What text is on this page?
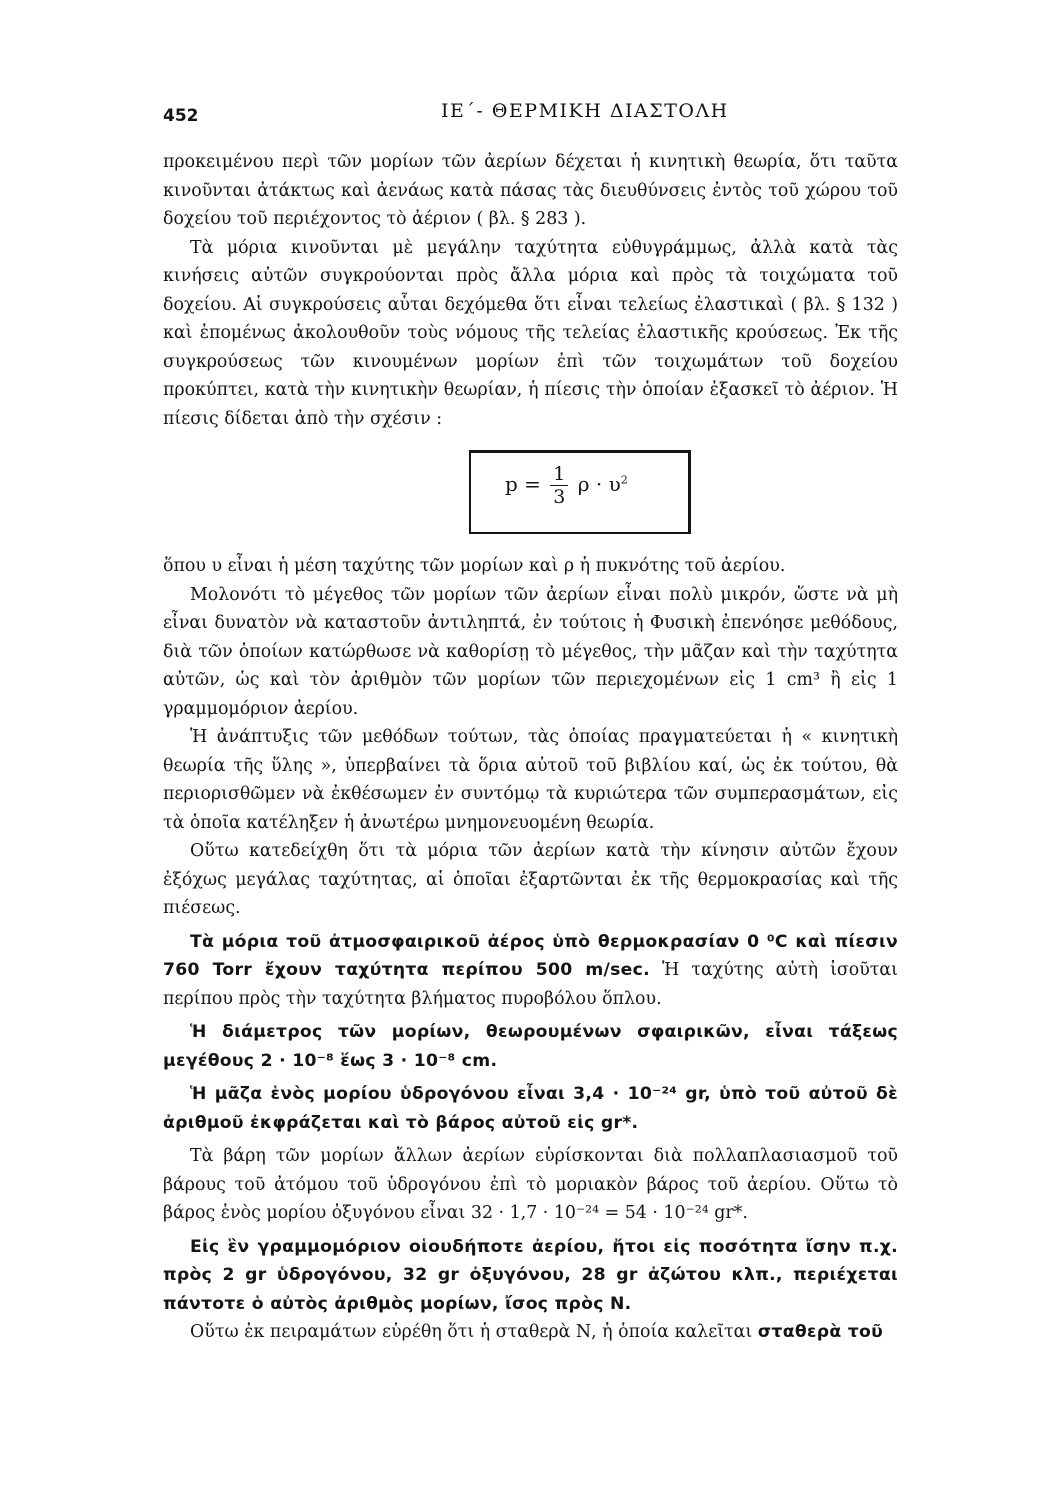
452	ΙΕ΄- ΘΕΡΜΙΚΗ ΔΙΑΣΤΟΛΗ

προκειμένου περὶ τῶν μορίων τῶν ἀερίων δέχεται ἡ κινητικὴ θεωρία, ὅτι ταῦτα κινοῦνται ἀτάκτως καὶ ἀενάως κατὰ πάσας τὰς διευθύνσεις ἐντὸς τοῦ χώρου τοῦ δοχείου τοῦ περιέχοντος τὸ ἀέριον ( βλ. § 283 ).

Τὰ μόρια κινοῦνται μὲ μεγάλην ταχύτητα εὐθυγράμμως, ἀλλὰ κατὰ τὰς κινήσεις αὐτῶν συγκρούονται πρὸς ἄλλα μόρια καὶ πρὸς τὰ τοιχώματα τοῦ δοχείου. Αἱ συγκρούσεις αὗται δεχόμεθα ὅτι εἶναι τελείως ἐλαστικαὶ ( βλ. § 132 ) καὶ ἑπομένως ἀκολουθοῦν τοὺς νόμους τῆς τελείας ἐλαστικῆς κρούσεως. Ἐκ τῆς συγκρούσεως τῶν κινουμένων μορίων ἐπὶ τῶν τοιχωμάτων τοῦ δοχείου προκύπτει, κατὰ τὴν κινητικὴν θεωρίαν, ἡ πίεσις τὴν ὁποίαν ἐξασκεῖ τὸ ἀέριον. Ἡ πίεσις δίδεται ἀπὸ τὴν σχέσιν :

$p = \frac{1}{3}$ $\rho \cdot \upsilon^2$

ὅπου υ εἶναι ἡ μέση ταχύτης τῶν μορίων καὶ ρ ἡ πυκνότης τοῦ ἀερίου.

Μολονότι τὸ μέγεθος τῶν μορίων τῶν ἀερίων εἶναι πολὺ μικρόν, ὥστε νὰ μὴ εἶναι δυνατὸν νὰ καταστοῦν ἀντιληπτά, ἐν τούτοις ἡ Φυσικὴ ἐπενόησε μεθόδους, διὰ τῶν ὁποίων κατώρθωσε νὰ καθορίσῃ τὸ μέγεθος, τὴν μᾶζαν καὶ τὴν ταχύτητα αὐτῶν, ὡς καὶ τὸν ἀριθμὸν τῶν μορίων τῶν περιεχομένων εἰς 1 cm³ ἢ εἰς 1 γραμμομόριον ἀερίου.

Ἡ ἀνάπτυξις τῶν μεθόδων τούτων, τὰς ὁποίας πραγματεύεται ἡ « κινητικὴ θεωρία τῆς ὕλης », ὑπερβαίνει τὰ ὅρια αὐτοῦ τοῦ βιβλίου καί, ὡς ἐκ τούτου, θὰ περιορισθῶμεν νὰ ἐκθέσωμεν ἐν συντόμῳ τὰ κυριώτερα τῶν συμπερασμάτων, εἰς τὰ ὁποῖα κατέληξεν ἡ ἀνωτέρω μνημονευομένη θεωρία.

Οὕτω κατεδείχθη ὅτι τὰ μόρια τῶν ἀερίων κατὰ τὴν κίνησιν αὐτῶν ἔχουν ἐξόχως μεγάλας ταχύτητας, αἱ ὁποῖαι ἐξαρτῶνται ἐκ τῆς θερμοκρασίας καὶ τῆς πιέσεως.

Τὰ μόρια τοῦ ἀτμοσφαιρικοῦ ἀέρος ὑπὸ θερμοκρασίαν 0 ⁰C καὶ πίεσιν 760 Torr ἔχουν ταχύτητα περίπου 500 m/sec. Ἡ ταχύτης αὐτὴ ἰσοῦται περίπου πρὸς τὴν ταχύτητα βλήματος πυροβόλου ὅπλου.

Ἡ διάμετρος τῶν μορίων, θεωρουμένων σφαιρικῶν, εἶναι τάξεως μεγέθους 2 · 10⁻⁸ ἕως 3 · 10⁻⁸ cm.

Ἡ μᾶζα ἑνὸς μορίου ὑδρογόνου εἶναι 3,4 · 10⁻²⁴ gr, ὑπὸ τοῦ αὐτοῦ δὲ ἀριθμοῦ ἐκφράζεται καὶ τὸ βάρος αὐτοῦ εἰς gr*.

Τὰ βάρη τῶν μορίων ἄλλων ἀερίων εὑρίσκονται διὰ πολλαπλασιασμοῦ τοῦ βάρους τοῦ ἀτόμου τοῦ ὑδρογόνου ἐπὶ τὸ μοριακὸν βάρος τοῦ ἀερίου. Οὕτω τὸ βάρος ἑνὸς μορίου ὀξυγόνου εἶναι 32 · 1,7 · 10⁻²⁴ = 54 · 10⁻²⁴ gr*.

Εἰς ἓν γραμμομόριον οἱουδήποτε ἀερίου, ἤτοι εἰς ποσότητα ἴσην π.χ. πρὸς 2 gr ὑδρογόνου, 32 gr ὀξυγόνου, 28 gr ἀζώτου κλπ., περιέχεται πάντοτε ὁ αὐτὸς ἀριθμὸς μορίων, ἴσος πρὸς Ν.

Οὕτω ἐκ πειραμάτων εὑρέθη ὅτι ἡ σταθερὰ Ν, ἡ ὁποία καλεῖται σταθερὰ τοῦ
